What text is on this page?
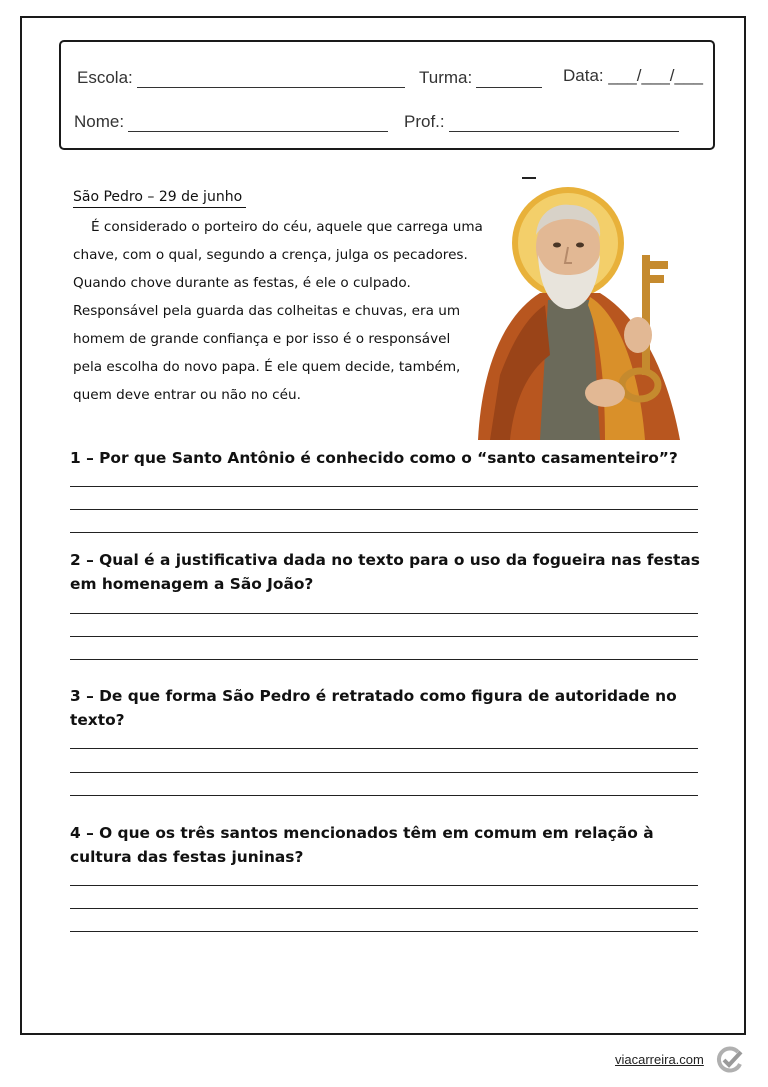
Escola:	Turma:	Data: ___/___/___
Nome:	Prof.:
São Pedro – 29 de junho
É considerado o porteiro do céu, aquele que carrega uma chave, com o qual, segundo a crença, julga os pecadores. Quando chove durante as festas, é ele o culpado. Responsável pela guarda das colheitas e chuvas, era um homem de grande confiança e por isso é o responsável pela escolha do novo papa. É ele quem decide, também, quem deve entrar ou não no céu.
1 – Por que Santo Antônio é conhecido como o “santo casamenteiro”?
2 – Qual é a justificativa dada no texto para o uso da fogueira nas festas em homenagem a São João?
3 – De que forma São Pedro é retratado como figura de autoridade no texto?
4 – O que os três santos mencionados têm em comum em relação à cultura das festas juninas?
viacarreira.com
